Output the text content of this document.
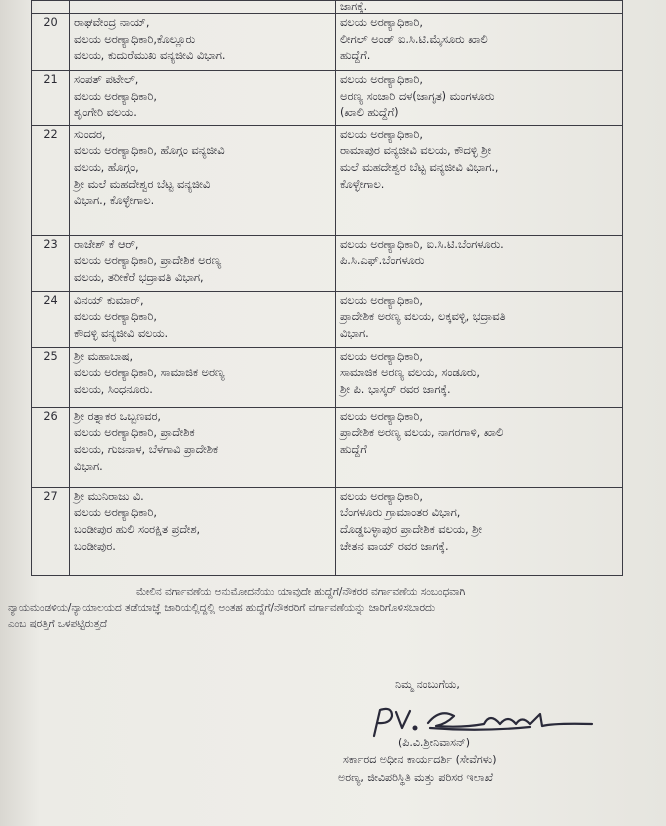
		ಜಾಗಕ್ಕೆ.
20	ರಾಘವೇಂದ್ರ ನಾಯ್,
ವಲಯ ಅರಣ್ಯಾಧಿಕಾರಿ,ಕೊಲ್ಲೂರು
ವಲಯ, ಕುದುರೆಮುಖ ವನ್ಯಜೀವಿ ವಿಭಾಗ.	ವಲಯ ಅರಣ್ಯಾಧಿಕಾರಿ,
ಲೀಗಲ್ ಅಂಡ್ ಐ.ಸಿ.ಟಿ.ಮೈಸೂರು ಖಾಲಿ
ಹುದ್ದೆಗೆ.

21	ಸಂಪತ್ ಪಟೇಲ್,
ವಲಯ ಅರಣ್ಯಾಧಿಕಾರಿ,
ಶೃಂಗೇರಿ ವಲಯ.	ವಲಯ ಅರಣ್ಯಾಧಿಕಾರಿ,
ಅರಣ್ಯ ಸಂಚಾರಿ ದಳ(ಜಾಗೃತ) ಮಂಗಳೂರು
(ಖಾಲಿ ಹುದ್ದೆಗೆ)

22	ಸುಂದರ,
ವಲಯ ಅರಣ್ಯಾಧಿಕಾರಿ, ಹೊಗ್ಗಂ ವನ್ಯಜೀವಿ
ವಲಯ, ಹೊಗ್ಗಂ,
ಶ್ರೀ ಮಲೆ ಮಹದೇಶ್ವರ ಬೆಟ್ಟ ವನ್ಯಜೀವಿ
ವಿಭಾಗ., ಕೊಳ್ಳೇಗಾಲ.	ವಲಯ ಅರಣ್ಯಾಧಿಕಾರಿ,
ರಾಮಾಪುರ ವನ್ಯಜೀವಿ ವಲಯ, ಕೌದಳ್ಳಿ ಶ್ರೀ
ಮಲೆ ಮಹದೇಶ್ವರ ಬೆಟ್ಟ ವನ್ಯಜೀವಿ ವಿಭಾಗ.,
ಕೊಳ್ಳೇಗಾಲ.

23	ರಾಜೇಶ್ ಕೆ ಆರ್,
ವಲಯ ಅರಣ್ಯಾಧಿಕಾರಿ, ಪ್ರಾದೇಶಿಕ ಅರಣ್ಯ
ವಲಯ, ತರೀಕೆರೆ ಭದ್ರಾವತಿ ವಿಭಾಗ,	ವಲಯ ಅರಣ್ಯಾಧಿಕಾರಿ, ಐ.ಸಿ.ಟಿ.ಬೆಂಗಳೂರು.
ಪಿ.ಸಿ.ಎಫ್.ಬೆಂಗಳೂರು

24	ವಿನಯ್ ಕುಮಾರ್,
ವಲಯ ಅರಣ್ಯಾಧಿಕಾರಿ,
ಕೌದಳ್ಳಿ ವನ್ಯಜೀವಿ ವಲಯ.	ವಲಯ ಅರಣ್ಯಾಧಿಕಾರಿ,
ಪ್ರಾದೇಶಿಕ ಅರಣ್ಯ ವಲಯ, ಲಕ್ಕವಳ್ಳಿ, ಭದ್ರಾವತಿ
ವಿಭಾಗ.

25	ಶ್ರೀ ಮಹಾಬಾಷ,
ವಲಯ ಅರಣ್ಯಾಧಿಕಾರಿ, ಸಾಮಾಜಿಕ ಅರಣ್ಯ
ವಲಯ, ಸಿಂಧನೂರು.	ವಲಯ ಅರಣ್ಯಾಧಿಕಾರಿ,
ಸಾಮಾಜಿಕ ಅರಣ್ಯ ವಲಯ, ಸಂಡೂರು,
ಶ್ರೀ ಪಿ. ಭಾಸ್ಕರ್ ರವರ ಜಾಗಕ್ಕೆ.

26	ಶ್ರೀ ರತ್ನಾಕರ ಒಬ್ಬಣವರ,
ವಲಯ ಅರಣ್ಯಾಧಿಕಾರಿ, ಪ್ರಾದೇಶಿಕ
ವಲಯ, ಗುಜನಾಳ, ಬೆಳಗಾವಿ ಪ್ರಾದೇಶಿಕ
ವಿಭಾಗ.	ವಲಯ ಅರಣ್ಯಾಧಿಕಾರಿ,
ಪ್ರಾದೇಶಿಕ ಅರಣ್ಯ ವಲಯ, ನಾಗರಗಾಳಿ, ಖಾಲಿ
ಹುದ್ದೆಗೆ

27	ಶ್ರೀ ಮುನಿರಾಜು ವಿ.
ವಲಯ ಅರಣ್ಯಾಧಿಕಾರಿ,
ಬಂಡೀಪುರ ಹುಲಿ ಸಂರಕ್ಷಿತ ಪ್ರದೇಶ,
ಬಂಡೀಪುರ.	ವಲಯ ಅರಣ್ಯಾಧಿಕಾರಿ,
ಬೆಂಗಳೂರು ಗ್ರಾಮಾಂತರ ವಿಭಾಗ,
ದೊಡ್ಡಬಳ್ಳಾಪುರ ಪ್ರಾದೇಶಿಕ ವಲಯ, ಶ್ರೀ
ಚೇತನ ವಾಯ್ ರವರ ಜಾಗಕ್ಕೆ.
ಮೇಲಿನ ವರ್ಗಾವಣೆಯ ಅನುಮೋದನೆಯು ಯಾವುದೇ ಹುದ್ದೆಗೆ/ನೌಕರರ ವರ್ಗಾವಣೆಯ ಸಂಬಂಧವಾಗಿ
ನ್ಯಾಯಮಂಡಳಿಯ/ನ್ಯಾಯಾಲಯದ ತಡೆಯಾಜ್ಞೆ ಜಾರಿಯಲ್ಲಿದ್ದಲ್ಲಿ ಅಂತಹ ಹುದ್ದೆಗೆ/ನೌಕರರಿಗೆ ವರ್ಗಾವಣೆಯನ್ನು ಜಾರಿಗೊಳಿಸಬಾರದು
ಎಂಬ ಷರತ್ತಿಗೆ ಒಳಪಟ್ಟಿರುತ್ತದೆ
ನಿಮ್ಮ ನಂಬುಗೆಯ,
(ಪಿ.ವಿ.ಶ್ರೀನಿವಾಸನ್)
ಸರ್ಕಾರದ ಅಧೀನ ಕಾರ್ಯದರ್ಶಿ (ಸೇವೆಗಳು)
ಅರಣ್ಯ, ಜೀವಿಪರಿಸ್ಥಿತಿ ಮತ್ತು ಪರಿಸರ ಇಲಾಖೆ
